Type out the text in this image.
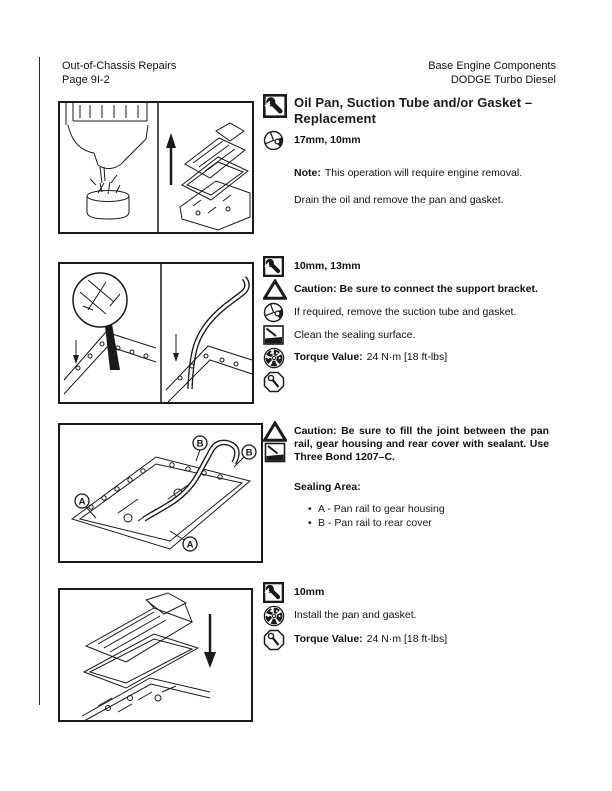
Out-of-Chassis Repairs
Page 9I-2
Base Engine Components
DODGE Turbo Diesel
A
A
B
B
Oil Pan, Suction Tube and/or Gasket –
Replacement
17mm, 10mm
Note: This operation will require engine removal.
Drain the oil and remove the pan and gasket.
10mm, 13mm
Caution: Be sure to connect the support bracket.
If required, remove the suction tube and gasket.
Clean the sealing surface.
Torque Value: 24 N·m [18 ft-lbs]
Caution: Be sure to fill the joint between the pan rail, gear housing and rear cover with sealant. Use Three Bond 1207–C.
Sealing Area:
•
A - Pan rail to gear housing
•
B - Pan rail to rear cover
10mm
Install the pan and gasket.
Torque Value: 24 N·m [18 ft-lbs]
